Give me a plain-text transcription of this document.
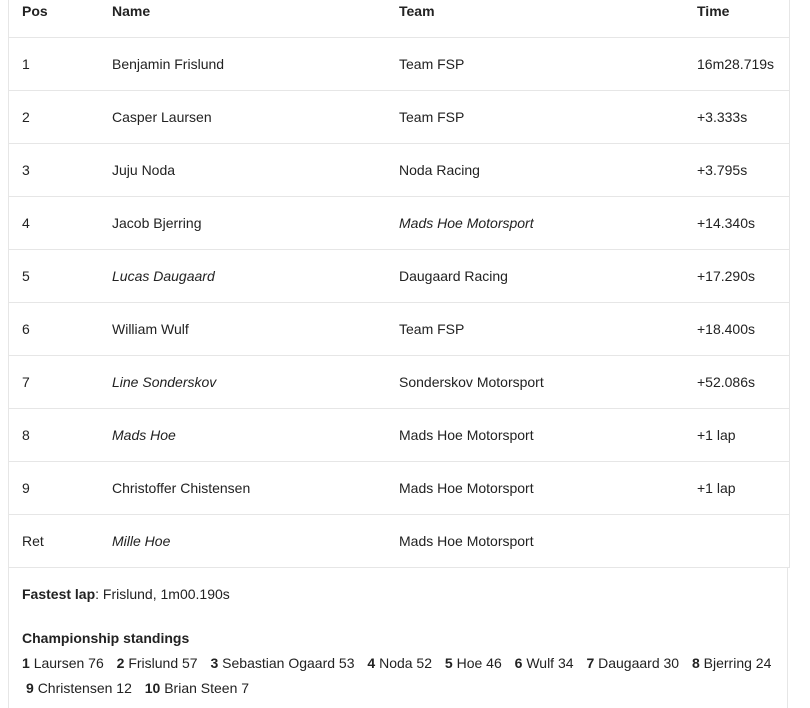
Pos	Name	Team	Time
1	Benjamin Frislund	Team FSP	16m28.719s
2	Casper Laursen	Team FSP	+3.333s
3	Juju Noda	Noda Racing	+3.795s
4	Jacob Bjerring	Mads Hoe Motorsport	+14.340s
5	Lucas Daugaard	Daugaard Racing	+17.290s
6	William Wulf	Team FSP	+18.400s
7	Line Sonderskov	Sonderskov Motorsport	+52.086s
8	Mads Hoe	Mads Hoe Motorsport	+1 lap
9	Christoffer Chistensen	Mads Hoe Motorsport	+1 lap
Ret	Mille Hoe	Mads Hoe Motorsport
Fastest lap: Frislund, 1m00.190s
Championship standings
1 Laursen 76 2 Frislund 57 3 Sebastian Ogaard 53 4 Noda 52 5 Hoe 46 6 Wulf 34 7 Daugaard 30 8 Bjerring 24
9 Christensen 12 10 Brian Steen 7
